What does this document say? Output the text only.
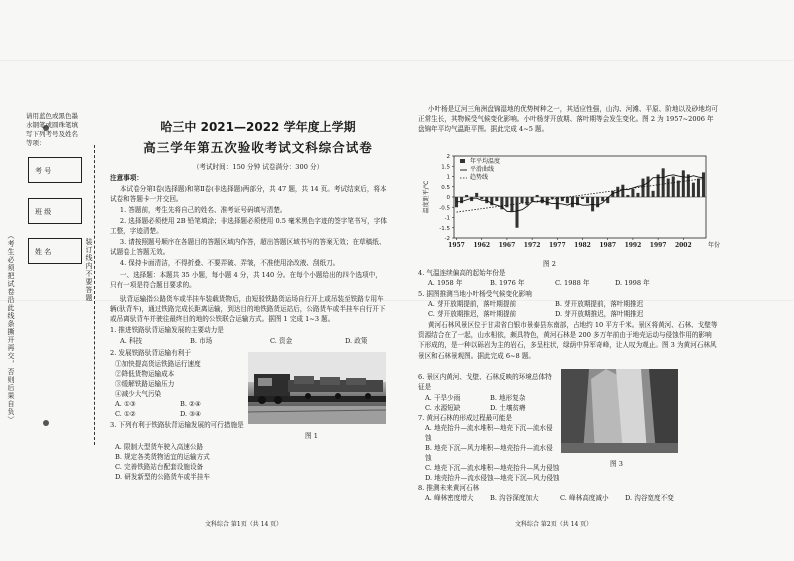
请用蓝色或黑色墨
水钢笔或圆珠笔填
写下列考号及姓名
等项：
考 号
班 级
姓 名
（考生必须把试卷沿此线条撕开再交，否则后果自负）	装订线内不要答题
哈三中 2021—2022 学年度上学期
高三学年第五次验收考试文科综合试卷
（考试时间：150 分钟 试卷满分：300 分）
注意事项：
本试卷分第Ⅰ卷(选择题)和第Ⅱ卷(非选择题)两部分，共 47 题，共 14 页。考试结束后，将本试卷和答题卡一并交回。
1. 答题前，考生先将自己的姓名、准考证号码填写清楚。
2. 选择题必须使用 2B 铅笔填涂；非选择题必须使用 0.5 毫米黑色字迹的签字笔书写，字体工整，字迹清楚。
3. 请按照题号顺序在各题目的答题区域内作答，超出答题区域书写的答案无效；在草稿纸、试题卷上答题无效。
4. 保持卡面清洁，不得折叠、不要弄破、弄皱，不准使用涂改液、刮纸刀。
一、选择题：本题共 35 小题，每小题 4 分，共 140 分。在每个小题给出的四个选项中，只有一项是符合题目要求的。
驮背运输指公路货车或半挂车装载货物后，由短驳铁路货运场自行开上或吊装至铁路专用车辆(驮背车)，通过铁路完成长距离运输，到达目的地铁路货运站后，公路货车或半挂车自行开下或吊离驮背车并驶往最终目的地的公铁联合运输方式。据图 1 完成 1~3 题。
1. 推进铁路驮背运输发展的主要动力是
A. 科技	B. 市场	C. 资金	D. 政策
2. 发展铁路驮背运输有利于
①加快提高货运铁路运行速度
②降低货物运输成本
③缓解铁路运输压力
④减少大气污染
A. ①③	B. ②④
C. ①②	D. ③④
3. 下列有利于铁路驮背运输发展的可行措施是
A. 限制大型货车驶入高速公路
B. 规定各类货物适宜的运输方式
C. 完善铁路站台配套设施设备
D. 研发新型的公路货车或半挂车
图 1
文科综合 第1页（共 14 页）
小叶杨是辽河三角洲盘锦湿地的优势树种之一，其适应性强，山沟、河滩、平原、阶地以及砂地均可正常生长，其物候受气候变化影响。小叶杨芽开放期、落叶期等会发生变化。图 2 为 1957~2006 年盘锦年平均气温距平图。据此完成 4~5 题。
2
1.5
1
0.5
0
-0.5
-1
-1.5
-2
温度距平/℃
1957 1962 1967 1972 1977 1982 1987 1992 1997 2002	年份
年平均温度
平滑曲线
趋势线
图 2
4. 气温连续偏高的起始年份是
A. 1958 年	B. 1976 年	C. 1988 年	D. 1998 年
5. 据图推测当地小叶杨受气候变化影响
A. 芽开放期提前，落叶期提前	B. 芽开放期提前，落叶期推迟
C. 芽开放期推迟，落叶期提前	D. 芽开放期推迟，落叶期推迟
黄河石林风景区位于甘肃省白银市景泰县东南部，占地约 10 平方千米。景区将黄河、石林、戈壁等资源结合在了一起，山水相依，颇具特色，黄河石林是 200 多万年前由于地壳运动与侵蚀作用的影响下形成的，是一种以砾岩为主的岩石，多呈柱状，绿荫中异军奇峰，让人叹为观止。图 3 为黄河石林风景区和石林景观图。据此完成 6~8 题。
6. 景区内黄河、戈壁、石林反映的环境总体特征是
A. 干旱少雨	B. 地形复杂
C. 水源短缺	D. 土壤贫瘠
7. 黄河石林的形成过程最可能是
A. 地壳抬升—流水堆积—地壳下沉—流水侵蚀
B. 地壳下沉—风力堆积—地壳抬升—流水侵蚀
C. 地壳下沉—流水堆积—地壳抬升—风力侵蚀
D. 地壳抬升—流水侵蚀—地壳下沉—风力侵蚀
8. 推测未来黄河石林
A. 峰林密度增大 B. 沟谷深度加大	C. 峰林高度减小 D. 沟谷宽度不变
图 3
文科综合 第2页（共 14 页）
